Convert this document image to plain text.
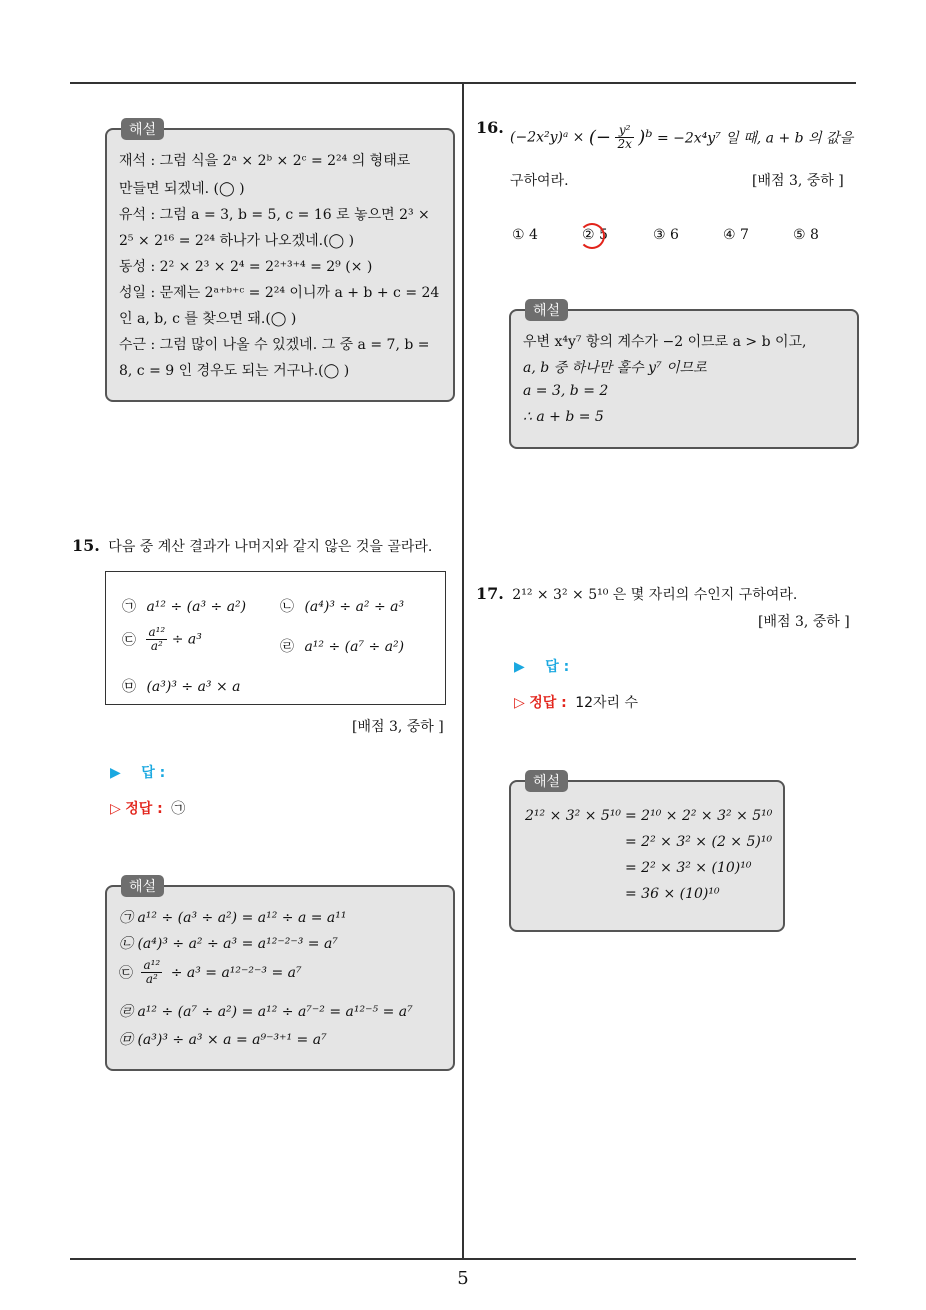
5
해설
재석 : 그럼 식을 2ᵃ × 2ᵇ × 2ᶜ = 2²⁴ 의 형태로
만들면 되겠네. (◯ )
유석 : 그럼 a = 3, b = 5, c = 16 로 놓으면 2³ ×
2⁵ × 2¹⁶ = 2²⁴ 하나가 나오겠네.(◯ )
동성 : 2² × 2³ × 2⁴ = 2²⁺³⁺⁴ = 2⁹ (× )
성일 : 문제는 2ᵃ⁺ᵇ⁺ᶜ = 2²⁴ 이니까 a + b + c = 24
인 a, b, c 를 찾으면 돼.(◯ )
수근 : 그럼 많이 나올 수 있겠네. 그 중 a = 7, b =
8, c = 9 인 경우도 되는 거구나.(◯ )
15. 다음 중 계산 결과가 나머지와 같지 않은 것을 골라라.
㉠ a¹² ÷ (a³ ÷ a²) ㉡ (a⁴)³ ÷ a² ÷ a³
㉢ $\frac{\text{a¹²}}{\text{a²}} \div a^3$	㉣ a¹² ÷ (a⁷ ÷ a²)
㉤ (a³)³ ÷ a³ × a
[배점 3, 중하 ]
▶ 답 :
▷ 정답 : ㉠
해설
㉠ a¹² ÷ (a³ ÷ a²) = a¹² ÷ a = a¹¹
㉡ (a⁴)³ ÷ a² ÷ a³ = a¹²⁻²⁻³ = a⁷
㉢ $\frac{\text{a¹²}}{\text{a²}} \div a^3 = a^{12-2-3} = a^7$
㉣ a¹² ÷ (a⁷ ÷ a²) = a¹² ÷ a⁷⁻² = a¹²⁻⁵ = a⁷
㉤ (a³)³ ÷ a³ × a = a⁹⁻³⁺¹ = a⁷
16.
(−2x²y)ᵃ × (− $\frac{\text{y²}}{2x}$ )ᵇ = −2x⁴y⁷ 일 때, a + b 의 값을
구하여라.	[배점 3, 중하 ]
① 4	② 5	③ 6	④ 7	⑤ 8
해설
우변 x⁴y⁷ 항의 계수가 −2 이므로 a > b 이고,
a, b 중 하나만 홀수 y⁷ 이므로
a = 3, b = 2
∴ a + b = 5
17. 2¹² × 3² × 5¹⁰ 은 몇 자리의 수인지 구하여라.
[배점 3, 중하 ]
▶ 답 :
▷ 정답 : 12자리 수
해설
2¹² × 3² × 5¹⁰ = 2¹⁰ × 2² × 3² × 5¹⁰
= 2² × 3² × (2 × 5)¹⁰
= 2² × 3² × (10)¹⁰
= 36 × (10)¹⁰
